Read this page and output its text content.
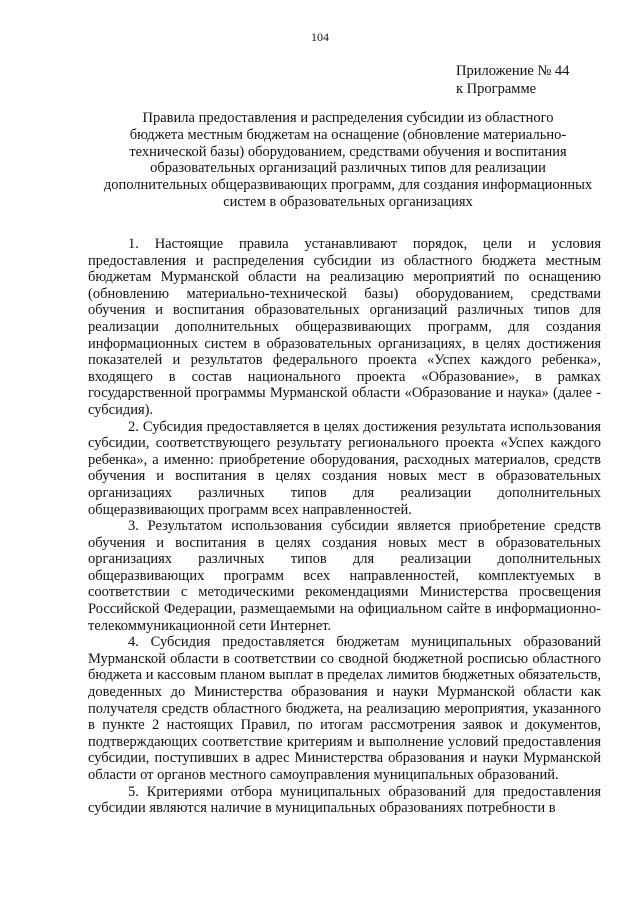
104
Приложение № 44
к Программе
Правила предоставления и распределения субсидии из областного
бюджета местным бюджетам на оснащение (обновление материально-
технической базы) оборудованием, средствами обучения и воспитания
образовательных организаций различных типов для реализации
дополнительных общеразвивающих программ, для создания информационных
систем в образовательных организациях

1. Настоящие правила устанавливают порядок, цели и условия предоставления и распределения субсидии из областного бюджета местным бюджетам Мурманской области на реализацию мероприятий по оснащению (обновлению материально-технической базы) оборудованием, средствами обучения и воспитания образовательных организаций различных типов для реализации дополнительных общеразвивающих программ, для создания информационных систем в образовательных организациях, в целях достижения показателей и результатов федерального проекта «Успех каждого ребенка», входящего в состав национального проекта «Образование», в рамках государственной программы Мурманской области «Образование и наука» (далее - субсидия).

2. Субсидия предоставляется в целях достижения результата использования субсидии, соответствующего результату регионального проекта «Успех каждого ребенка», а именно: приобретение оборудования, расходных материалов, средств обучения и воспитания в целях создания новых мест в образовательных организациях различных типов для реализации дополнительных общеразвивающих программ всех направленностей.

3. Результатом использования субсидии является приобретение средств обучения и воспитания в целях создания новых мест в образовательных организациях различных типов для реализации дополнительных общеразвивающих программ всех направленностей, комплектуемых в соответствии с методическими рекомендациями Министерства просвещения Российской Федерации, размещаемыми на официальном сайте в информационно-телекоммуникационной сети Интернет.

4. Субсидия предоставляется бюджетам муниципальных образований Мурманской области в соответствии со сводной бюджетной росписью областного бюджета и кассовым планом выплат в пределах лимитов бюджетных обязательств, доведенных до Министерства образования и науки Мурманской области как получателя средств областного бюджета, на реализацию мероприятия, указанного в пункте 2 настоящих Правил, по итогам рассмотрения заявок и документов, подтверждающих соответствие критериям и выполнение условий предоставления субсидии, поступивших в адрес Министерства образования и науки Мурманской области от органов местного самоуправления муниципальных образований.

5. Критериями отбора муниципальных образований для предоставления субсидии являются наличие в муниципальных образованиях потребности в
